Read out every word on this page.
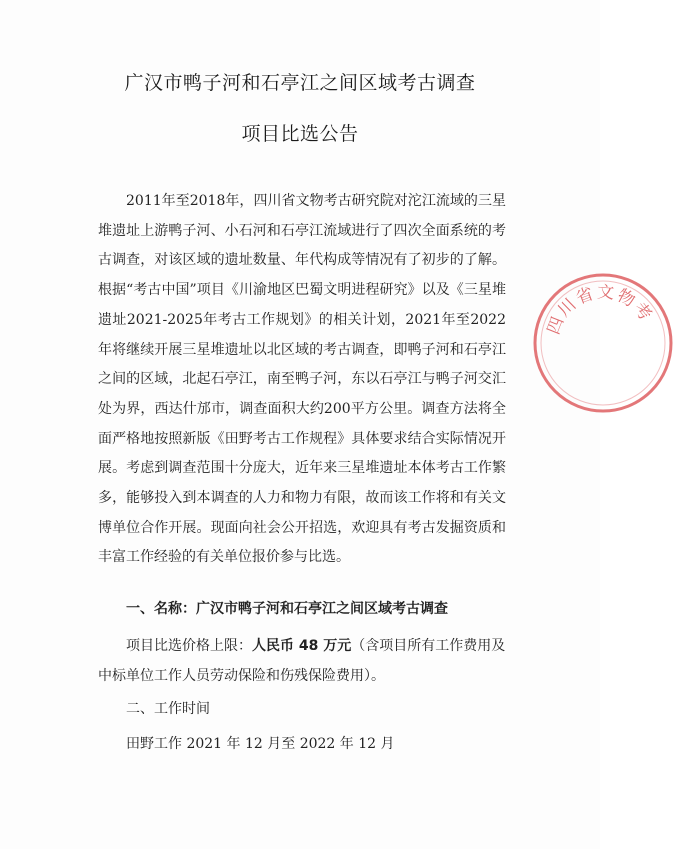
广汉市鸭子河和石亭江之间区域考古调查
项目比选公告

2011年至2018年，四川省文物考古研究院对沱江流域的三星堆遗址上游鸭子河、小石河和石亭江流域进行了四次全面系统的考古调查，对该区域的遗址数量、年代构成等情况有了初步的了解。根据“考古中国”项目《川渝地区巴蜀文明进程研究》以及《三星堆遗址2021-2025年考古工作规划》的相关计划，2021年至2022年将继续开展三星堆遗址以北区域的考古调查，即鸭子河和石亭江之间的区域，北起石亭江，南至鸭子河，东以石亭江与鸭子河交汇处为界，西达什邡市，调查面积大约200平方公里。调查方法将全面严格地按照新版《田野考古工作规程》具体要求结合实际情况开展。考虑到调查范围十分庞大，近年来三星堆遗址本体考古工作繁多，能够投入到本调查的人力和物力有限，故而该工作将和有关文博单位合作开展。现面向社会公开招选，欢迎具有考古发掘资质和丰富工作经验的有关单位报价参与比选。

一、名称：广汉市鸭子河和石亭江之间区域考古调查

项目比选价格上限：人民币 48 万元（含项目所有工作费用及中标单位工作人员劳动保险和伤残保险费用）。

二、工作时间
田野工作 2021 年 12 月至 2022 年 12 月
四川省文物考
